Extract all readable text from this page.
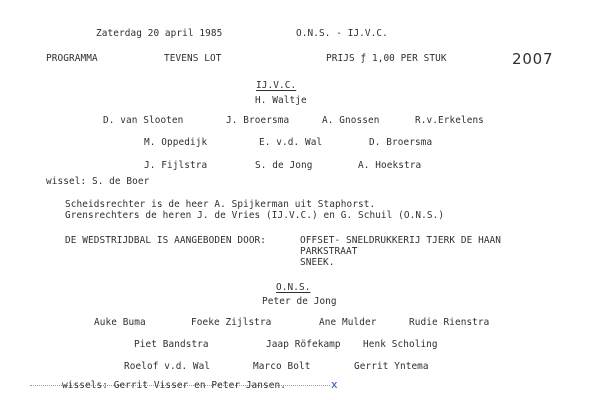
Zaterdag 20 april 1985	O.N.S. - IJ.V.C.
PROGRAMMA	TEVENS LOT	PRIJS ƒ 1,00 PER STUK	2007
IJ.V.C.
H. Waltje
D. van Slooten	J. Broersma	A. Gnossen	R.v.Erkelens
M. Oppedijk	E. v.d. Wal	D. Broersma
J. Fijlstra	S. de Jong	A. Hoekstra
wissel: S. de Boer
Scheidsrechter is de heer A. Spijkerman uit Staphorst.
Grensrechters de heren J. de Vries (IJ.V.C.) en G. Schuil (O.N.S.)
DE WEDSTRIJDBAL IS AANGEBODEN DOOR:	OFFSET- SNELDRUKKERIJ TJERK DE HAAN
PARKSTRAAT
SNEEK.
O.N.S.
Peter de Jong
Auke Buma	Foeke Zijlstra	Ane Mulder	Rudie Rienstra
Piet Bandstra	Jaap Röfekamp Henk Scholing
Roelof v.d. Wal	Marco Bolt	Gerrit Yntema
wissels: Gerrit Visser en Peter Jansen.	x
